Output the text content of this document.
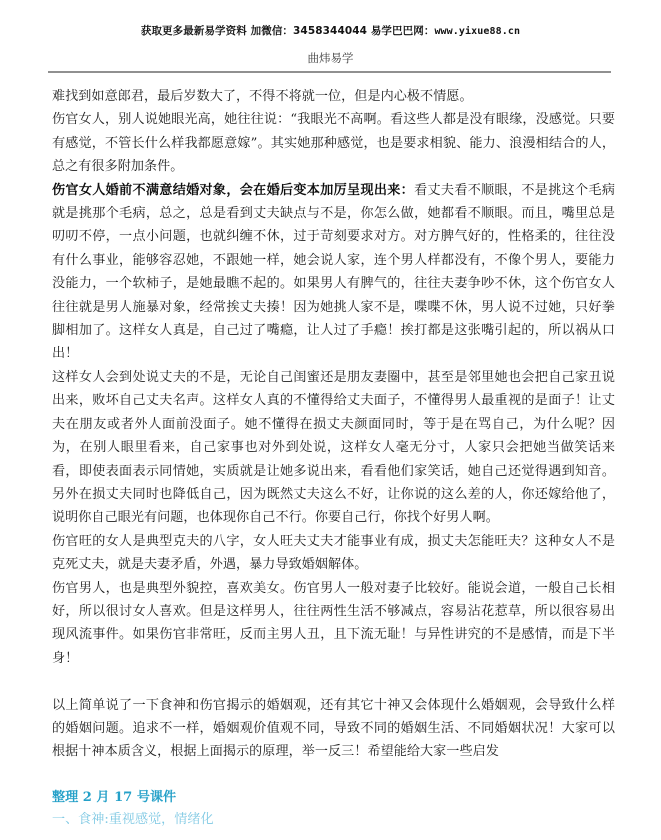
获取更多最新易学资料 加微信：3458344044 易学巴巴网：www.yixue88.cn
曲炜易学

难找到如意郎君，最后岁数大了，不得不将就一位，但是内心极不情愿。

伤官女人，别人说她眼光高，她往往说：“我眼光不高啊。看这些人都是没有眼缘，没感觉。只要有感觉，不管长什么样我都愿意嫁”。其实她那种感觉，也是要求相貌、能力、浪漫相结合的人，总之有很多附加条件。

伤官女人婚前不满意结婚对象，会在婚后变本加厉呈现出来：看丈夫看不顺眼，不是挑这个毛病就是挑那个毛病，总之，总是看到丈夫缺点与不是，你怎么做，她都看不顺眼。而且，嘴里总是叨叨不停，一点小问题，也就纠缠不休，过于苛刻要求对方。对方脾气好的，性格柔的，往往没有什么事业，能够容忍她，不跟她一样，她会说人家，连个男人样都没有，不像个男人，要能力没能力，一个软柿子，是她最瞧不起的。如果男人有脾气的，往往夫妻争吵不休，这个伤官女人往往就是男人施暴对象，经常挨丈夫揍！因为她挑人家不是，喋喋不休，男人说不过她，只好拳脚相加了。这样女人真是，自己过了嘴瘾，让人过了手瘾！挨打都是这张嘴引起的，所以祸从口出！

这样女人会到处说丈夫的不是，无论自己闺蜜还是朋友妻圈中，甚至是邻里她也会把自己家丑说出来，败坏自己丈夫名声。这样女人真的不懂得给丈夫面子，不懂得男人最重视的是面子！让丈夫在朋友或者外人面前没面子。她不懂得在损丈夫颜面同时，等于是在骂自己，为什么呢？因为，在别人眼里看来，自己家事也对外到处说，这样女人毫无分寸，人家只会把她当做笑话来看，即使表面表示同情她，实质就是让她多说出来，看看他们家笑话，她自己还觉得遇到知音。另外在损丈夫同时也降低自己，因为既然丈夫这么不好，让你说的这么差的人，你还嫁给他了，说明你自己眼光有问题，也体现你自己不行。你要自己行，你找个好男人啊。

伤官旺的女人是典型克夫的八字，女人旺夫丈夫才能事业有成，损丈夫怎能旺夫？这种女人不是克死丈夫，就是夫妻矛盾，外遇，暴力导致婚姻解体。

伤官男人，也是典型外貌控，喜欢美女。伤官男人一般对妻子比较好。能说会道，一般自己长相好，所以很讨女人喜欢。但是这样男人，往往两性生活不够减点，容易沾花惹草，所以很容易出现风流事件。如果伤官非常旺，反而主男人丑，且下流无耻！与异性讲究的不是感情，而是下半身！

以上简单说了一下食神和伤官揭示的婚姻观，还有其它十神又会体现什么婚姻观，会导致什么样的婚姻问题。追求不一样，婚姻观价值观不同，导致不同的婚姻生活、不同婚姻状况！大家可以根据十神本质含义，根据上面揭示的原理，举一反三！希望能给大家一些启发

整理 2 月 17 号课件
一、食神:重视感觉，情绪化
